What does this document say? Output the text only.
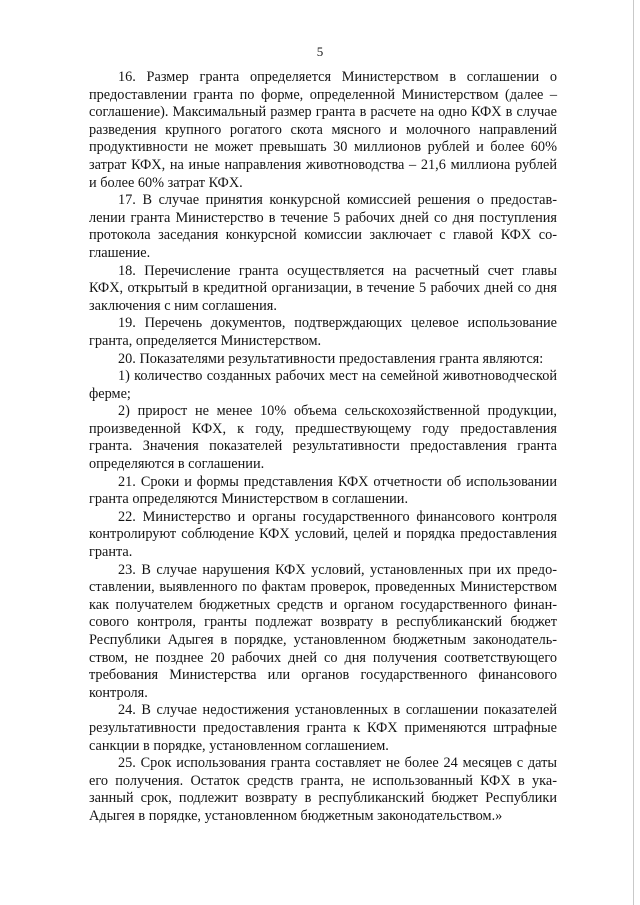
5

16. Размер гранта определяется Министерством в соглашении о предоставлении гранта по форме, определенной Министерством (далее – соглашение). Максимальный размер гранта в расчете на одно КФХ в случае разведения крупного рогатого скота мясного и молочного направлений продуктивности не может превышать 30 миллионов рублей и более 60% затрат КФХ, на иные направления животноводства – 21,6 миллиона рублей и более 60% затрат КФХ.

17. В случае принятия конкурсной комиссией решения о предоставлении гранта Министерство в течение 5 рабочих дней со дня поступления протокола заседания конкурсной комиссии заключает с главой КФХ соглашение.

18. Перечисление гранта осуществляется на расчетный счет главы КФХ, открытый в кредитной организации, в течение 5 рабочих дней со дня заключения с ним соглашения.

19. Перечень документов, подтверждающих целевое использование гранта, определяется Министерством.

20. Показателями результативности предоставления гранта являются:

1) количество созданных рабочих мест на семейной животноводческой ферме;

2) прирост не менее 10% объема сельскохозяйственной продукции, произведенной КФХ, к году, предшествующему году предоставления гранта. Значения показателей результативности предоставления гранта определяются в соглашении.

21. Сроки и формы представления КФХ отчетности об использовании гранта определяются Министерством в соглашении.

22. Министерство и органы государственного финансового контроля контролируют соблюдение КФХ условий, целей и порядка предоставления гранта.

23. В случае нарушения КФХ условий, установленных при их предоставлении, выявленного по фактам проверок, проведенных Министерством как получателем бюджетных средств и органом государственного финансового контроля, гранты подлежат возврату в республиканский бюджет Республики Адыгея в порядке, установленном бюджетным законодательством, не позднее 20 рабочих дней со дня получения соответствующего требования Министерства или органов государственного финансового контроля.

24. В случае недостижения установленных в соглашении показателей результативности предоставления гранта к КФХ применяются штрафные санкции в порядке, установленном соглашением.

25. Срок использования гранта составляет не более 24 месяцев с даты его получения. Остаток средств гранта, не использованный КФХ в указанный срок, подлежит возврату в республиканский бюджет Республики Адыгея в порядке, установленном бюджетным законодательством.»
